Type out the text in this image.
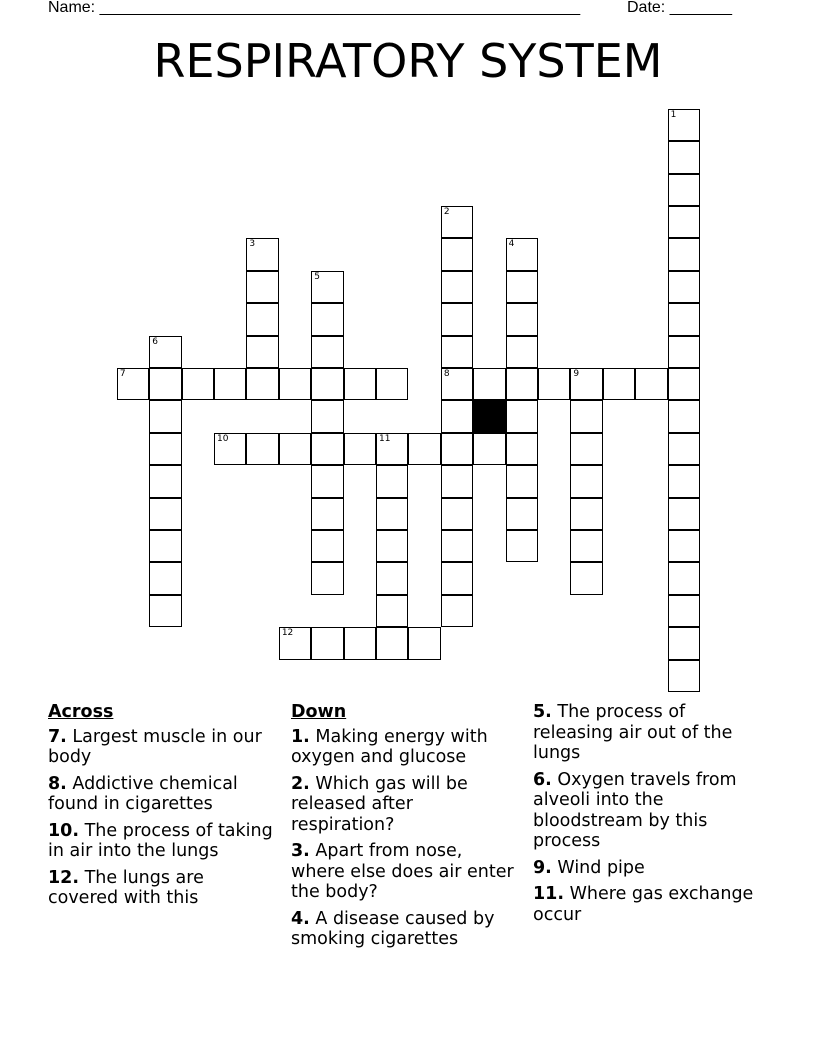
Name: ______________________________________________________	Date: _______
RESPIRATORY SYSTEM
1
2
8
3	4
5
6
7	9
10	11
12
Across
7. Largest muscle in our body
8. Addictive chemical found in cigarettes
10. The process of taking in air into the lungs
12. The lungs are covered with this
Down
1. Making energy with oxygen and glucose
2. Which gas will be released after respiration?
3. Apart from nose, where else does air enter the body?
4. A disease caused by smoking cigarettes
5. The process of releasing air out of the lungs
6. Oxygen travels from alveoli into the bloodstream by this process
9. Wind pipe
11. Where gas exchange occur
